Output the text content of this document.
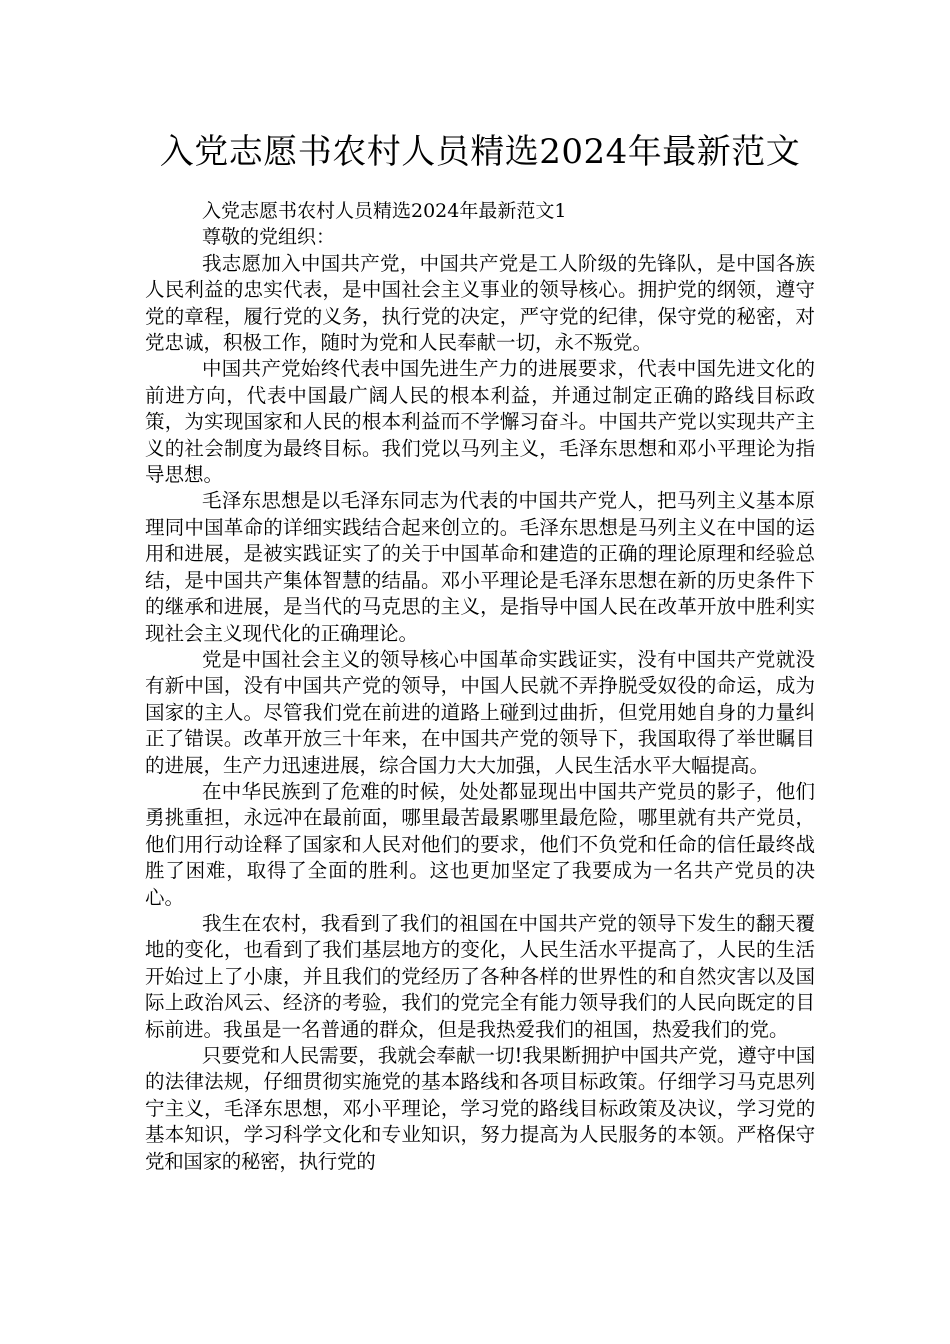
入党志愿书农村人员精选2024年最新范文

入党志愿书农村人员精选2024年最新范文1

尊敬的党组织：

我志愿加入中国共产党，中国共产党是工人阶级的先锋队，是中国各族人民利益的忠实代表，是中国社会主义事业的领导核心。拥护党的纲领，遵守党的章程，履行党的义务，执行党的决定，严守党的纪律，保守党的秘密，对党忠诚，积极工作，随时为党和人民奉献一切，永不叛党。

中国共产党始终代表中国先进生产力的进展要求，代表中国先进文化的前进方向，代表中国最广阔人民的根本利益，并通过制定正确的路线目标政策，为实现国家和人民的根本利益而不学懈习奋斗。中国共产党以实现共产主义的社会制度为最终目标。我们党以马列主义，毛泽东思想和邓小平理论为指导思想。

毛泽东思想是以毛泽东同志为代表的中国共产党人，把马列主义基本原理同中国革命的详细实践结合起来创立的。毛泽东思想是马列主义在中国的运用和进展，是被实践证实了的关于中国革命和建造的正确的理论原理和经验总结，是中国共产集体智慧的结晶。邓小平理论是毛泽东思想在新的历史条件下的继承和进展，是当代的马克思的主义，是指导中国人民在改革开放中胜利实现社会主义现代化的正确理论。

党是中国社会主义的领导核心中国革命实践证实，没有中国共产党就没有新中国，没有中国共产党的领导，中国人民就不弄挣脱受奴役的命运，成为国家的主人。尽管我们党在前进的道路上碰到过曲折，但党用她自身的力量纠正了错误。改革开放三十年来，在中国共产党的领导下，我国取得了举世瞩目的进展，生产力迅速进展，综合国力大大加强，人民生活水平大幅提高。

在中华民族到了危难的时候，处处都显现出中国共产党员的影子，他们勇挑重担，永远冲在最前面，哪里最苦最累哪里最危险，哪里就有共产党员，他们用行动诠释了国家和人民对他们的要求，他们不负党和任命的信任最终战胜了困难，取得了全面的胜利。这也更加坚定了我要成为一名共产党员的决心。

我生在农村，我看到了我们的祖国在中国共产党的领导下发生的翻天覆地的变化，也看到了我们基层地方的变化，人民生活水平提高了，人民的生活开始过上了小康，并且我们的党经历了各种各样的世界性的和自然灾害以及国际上政治风云、经济的考验，我们的党完全有能力领导我们的人民向既定的目标前进。我虽是一名普通的群众，但是我热爱我们的祖国，热爱我们的党。

只要党和人民需要，我就会奉献一切!我果断拥护中国共产党，遵守中国的法律法规，仔细贯彻实施党的基本路线和各项目标政策。仔细学习马克思列宁主义，毛泽东思想，邓小平理论，学习党的路线目标政策及决议，学习党的基本知识，学习科学文化和专业知识，努力提高为人民服务的本领。严格保守党和国家的秘密，执行党的
